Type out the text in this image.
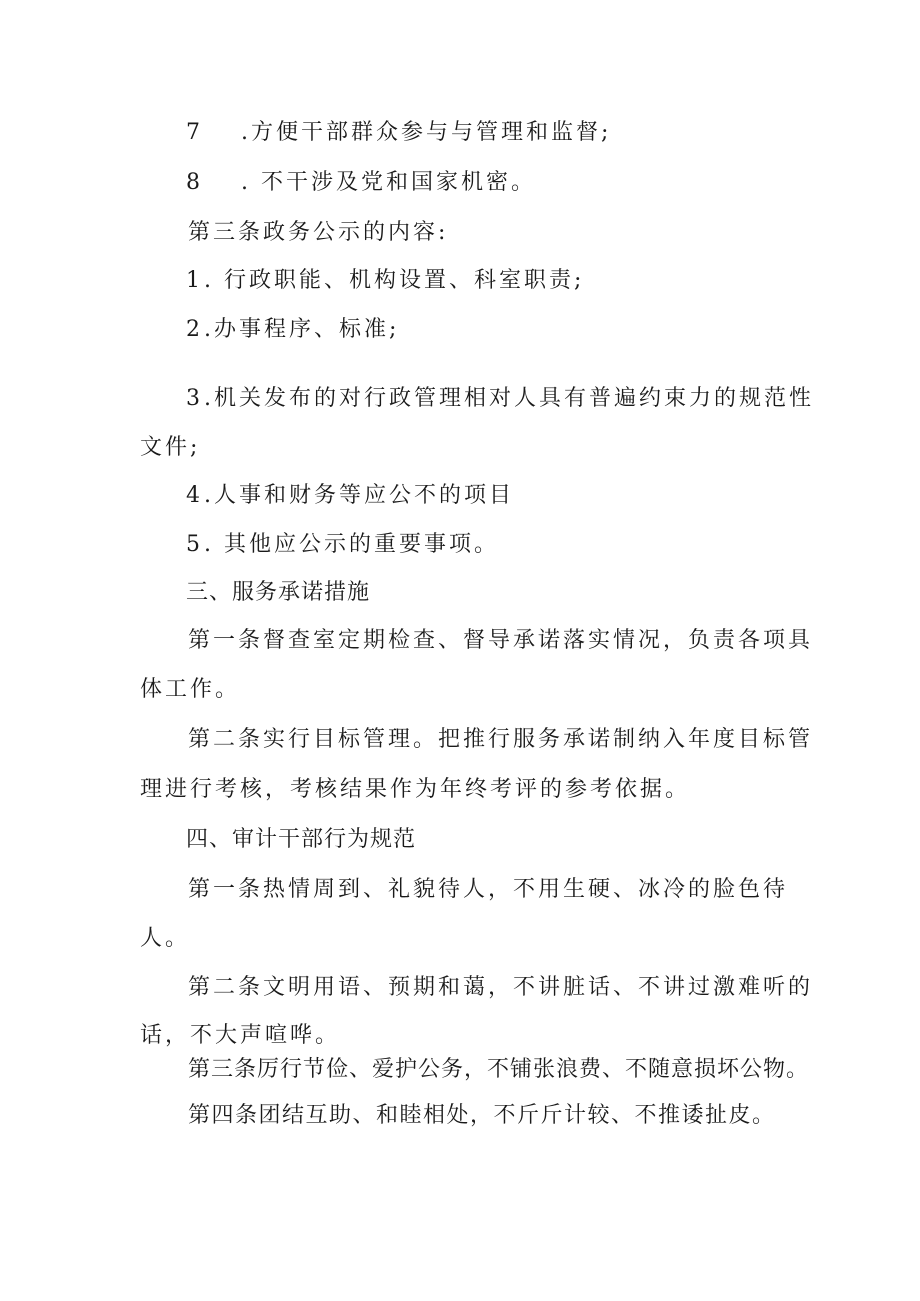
7 .方便干部群众参与与管理和监督;
8 . 不干涉及党和国家机密。
第三条政务公示的内容:
1 . 行政职能、机构设置、科室职责;
2 .办事程序、标准;
3 .机关发布的对行政管理相对人具有普遍约束力的规范性
文件;
4 .人事和财务等应公不的项目
5 . 其他应公示的重要事项。
三、服务承诺措施
第一条督查室定期检查、督导承诺落实情况，负责各项具
体工作。
第二条实行目标管理。把推行服务承诺制纳入年度目标管
理进行考核，考核结果作为年终考评的参考依据。
四、审计干部行为规范
第一条热情周到、礼貌待人，不用生硬、冰冷的脸色待
人。
第二条文明用语、预期和蔼，不讲脏话、不讲过激难听的
话，不大声喧哗。
第三条厉行节俭、爱护公务，不铺张浪费、不随意损坏公物。
第四条团结互助、和睦相处，不斤斤计较、不推诿扯皮。
